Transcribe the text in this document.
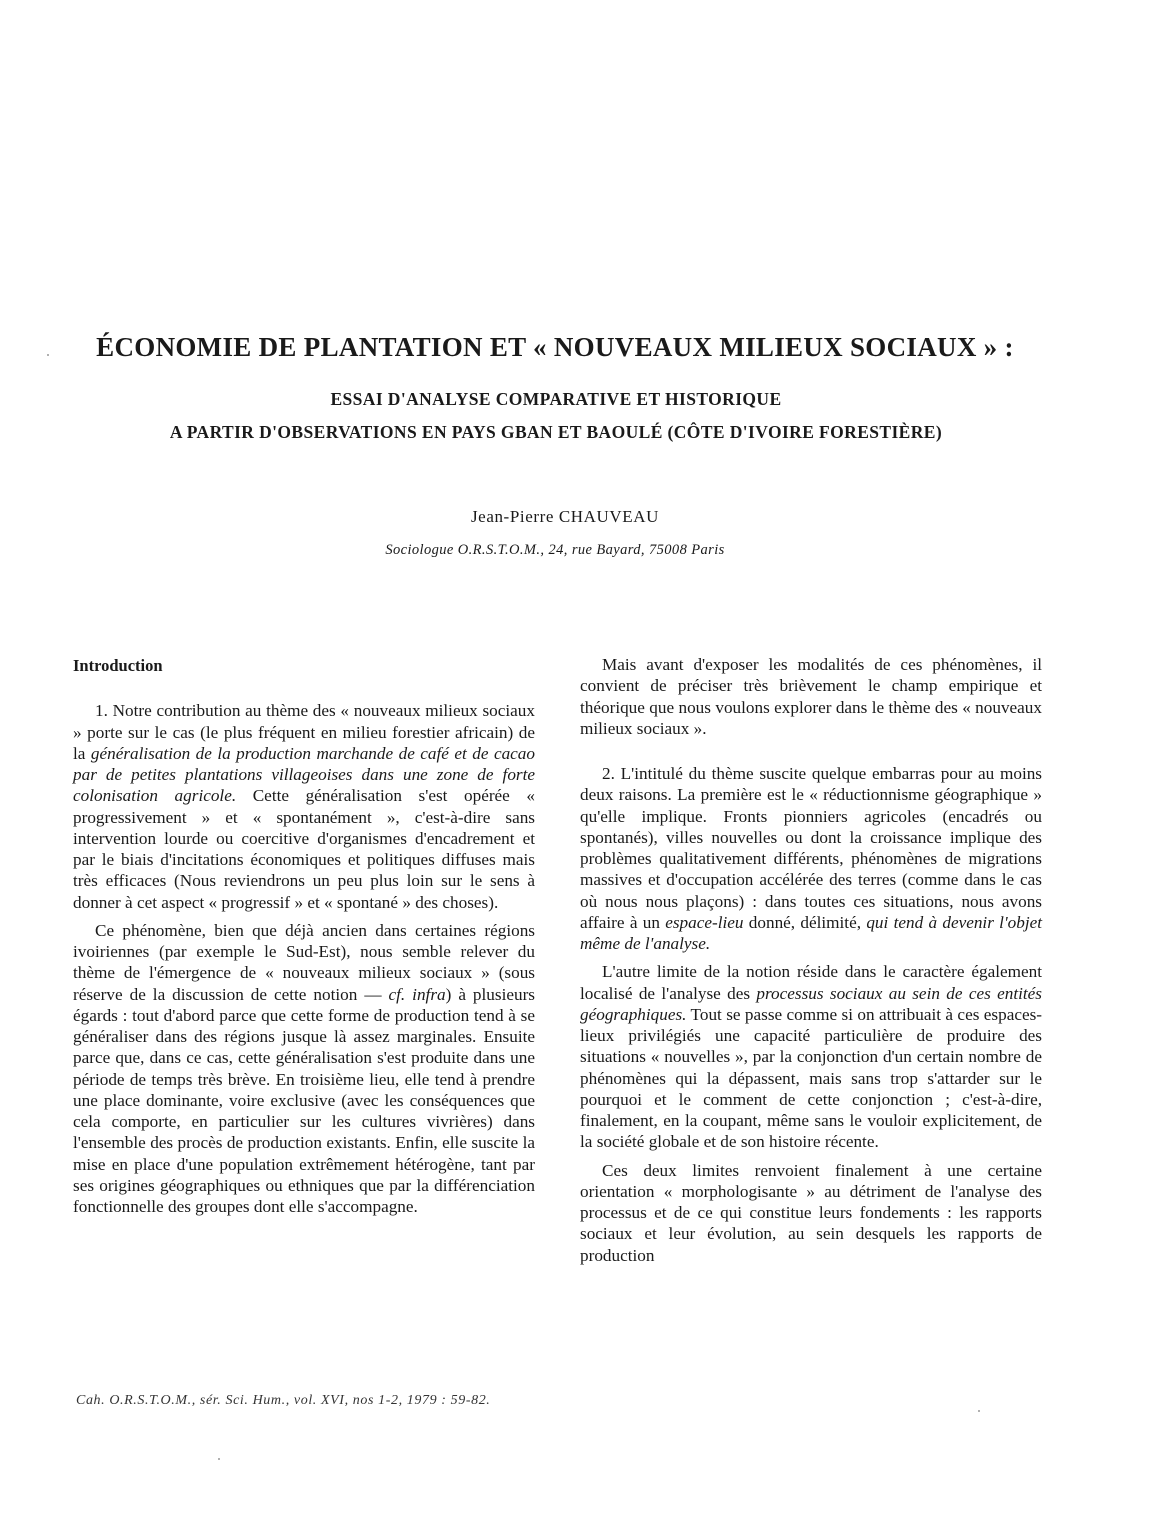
ÉCONOMIE DE PLANTATION ET « NOUVEAUX MILIEUX SOCIAUX » :
ESSAI D'ANALYSE COMPARATIVE ET HISTORIQUE
A PARTIR D'OBSERVATIONS EN PAYS GBAN ET BAOULÉ (CÔTE D'IVOIRE FORESTIÈRE)
Jean-Pierre CHAUVEAU
Sociologue O.R.S.T.O.M., 24, rue Bayard, 75008 Paris
Introduction

1. Notre contribution au thème des « nouveaux milieux sociaux » porte sur le cas (le plus fréquent en milieu forestier africain) de la généralisation de la production marchande de café et de cacao par de petites plantations villageoises dans une zone de forte colonisation agricole. Cette généralisation s'est opérée « progressivement » et « spontanément », c'est-à-dire sans intervention lourde ou coercitive d'organismes d'encadrement et par le biais d'incitations économiques et politiques diffuses mais très efficaces (Nous reviendrons un peu plus loin sur le sens à donner à cet aspect « progressif » et « spontané » des choses).

Ce phénomène, bien que déjà ancien dans certaines régions ivoiriennes (par exemple le Sud-Est), nous semble relever du thème de l'émergence de « nouveaux milieux sociaux » (sous réserve de la discussion de cette notion — cf. infra) à plusieurs égards : tout d'abord parce que cette forme de production tend à se généraliser dans des régions jusque là assez marginales. Ensuite parce que, dans ce cas, cette généralisation s'est produite dans une période de temps très brève. En troisième lieu, elle tend à prendre une place dominante, voire exclusive (avec les conséquences que cela comporte, en particulier sur les cultures vivrières) dans l'ensemble des procès de production existants. Enfin, elle suscite la mise en place d'une population extrêmement hétérogène, tant par ses origines géographiques ou ethniques que par la différenciation fonctionnelle des groupes dont elle s'accompagne.

Mais avant d'exposer les modalités de ces phénomènes, il convient de préciser très brièvement le champ empirique et théorique que nous voulons explorer dans le thème des « nouveaux milieux sociaux ».

2. L'intitulé du thème suscite quelque embarras pour au moins deux raisons. La première est le « réductionnisme géographique » qu'elle implique. Fronts pionniers agricoles (encadrés ou spontanés), villes nouvelles ou dont la croissance implique des problèmes qualitativement différents, phénomènes de migrations massives et d'occupation accélérée des terres (comme dans le cas où nous nous plaçons) : dans toutes ces situations, nous avons affaire à un espace-lieu donné, délimité, qui tend à devenir l'objet même de l'analyse.

L'autre limite de la notion réside dans le caractère également localisé de l'analyse des processus sociaux au sein de ces entités géographiques. Tout se passe comme si on attribuait à ces espaces-lieux privilégiés une capacité particulière de produire des situations « nouvelles », par la conjonction d'un certain nombre de phénomènes qui la dépassent, mais sans trop s'attarder sur le pourquoi et le comment de cette conjonction ; c'est-à-dire, finalement, en la coupant, même sans le vouloir explicitement, de la société globale et de son histoire récente.

Ces deux limites renvoient finalement à une certaine orientation « morphologisante » au détriment de l'analyse des processus et de ce qui constitue leurs fondements : les rapports sociaux et leur évolution, au sein desquels les rapports de production

Cah. O.R.S.T.O.M., sér. Sci. Hum., vol. XVI, nos 1-2, 1979 : 59-82.
